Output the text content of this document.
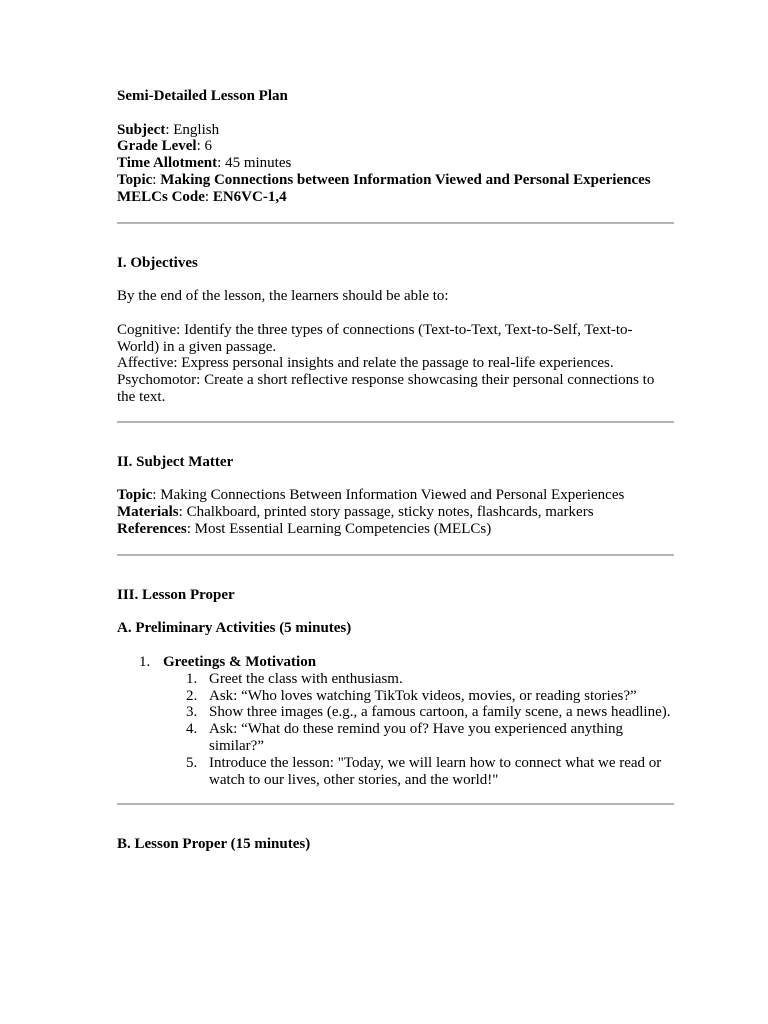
Semi-Detailed Lesson Plan

Subject: English

Grade Level: 6

Time Allotment: 45 minutes

Topic: Making Connections between Information Viewed and Personal Experiences

MELCs Code: EN6VC-1,4

I. Objectives

By the end of the lesson, the learners should be able to:

Cognitive: Identify the three types of connections (Text-to-Text, Text-to-Self, Text-to-World) in a given passage.

Affective: Express personal insights and relate the passage to real-life experiences.

Psychomotor: Create a short reflective response showcasing their personal connections to the text.

II. Subject Matter

Topic: Making Connections Between Information Viewed and Personal Experiences

Materials: Chalkboard, printed story passage, sticky notes, flashcards, markers

References: Most Essential Learning Competencies (MELCs)

III. Lesson Proper

A. Preliminary Activities (5 minutes)

1. Greetings & Motivation
1. Greet the class with enthusiasm.
2. Ask: “Who loves watching TikTok videos, movies, or reading stories?”
3. Show three images (e.g., a famous cartoon, a family scene, a news headline).
4. Ask: “What do these remind you of? Have you experienced anything similar?”
5. Introduce the lesson: "Today, we will learn how to connect what we read or watch to our lives, other stories, and the world!"

B. Lesson Proper (15 minutes)
